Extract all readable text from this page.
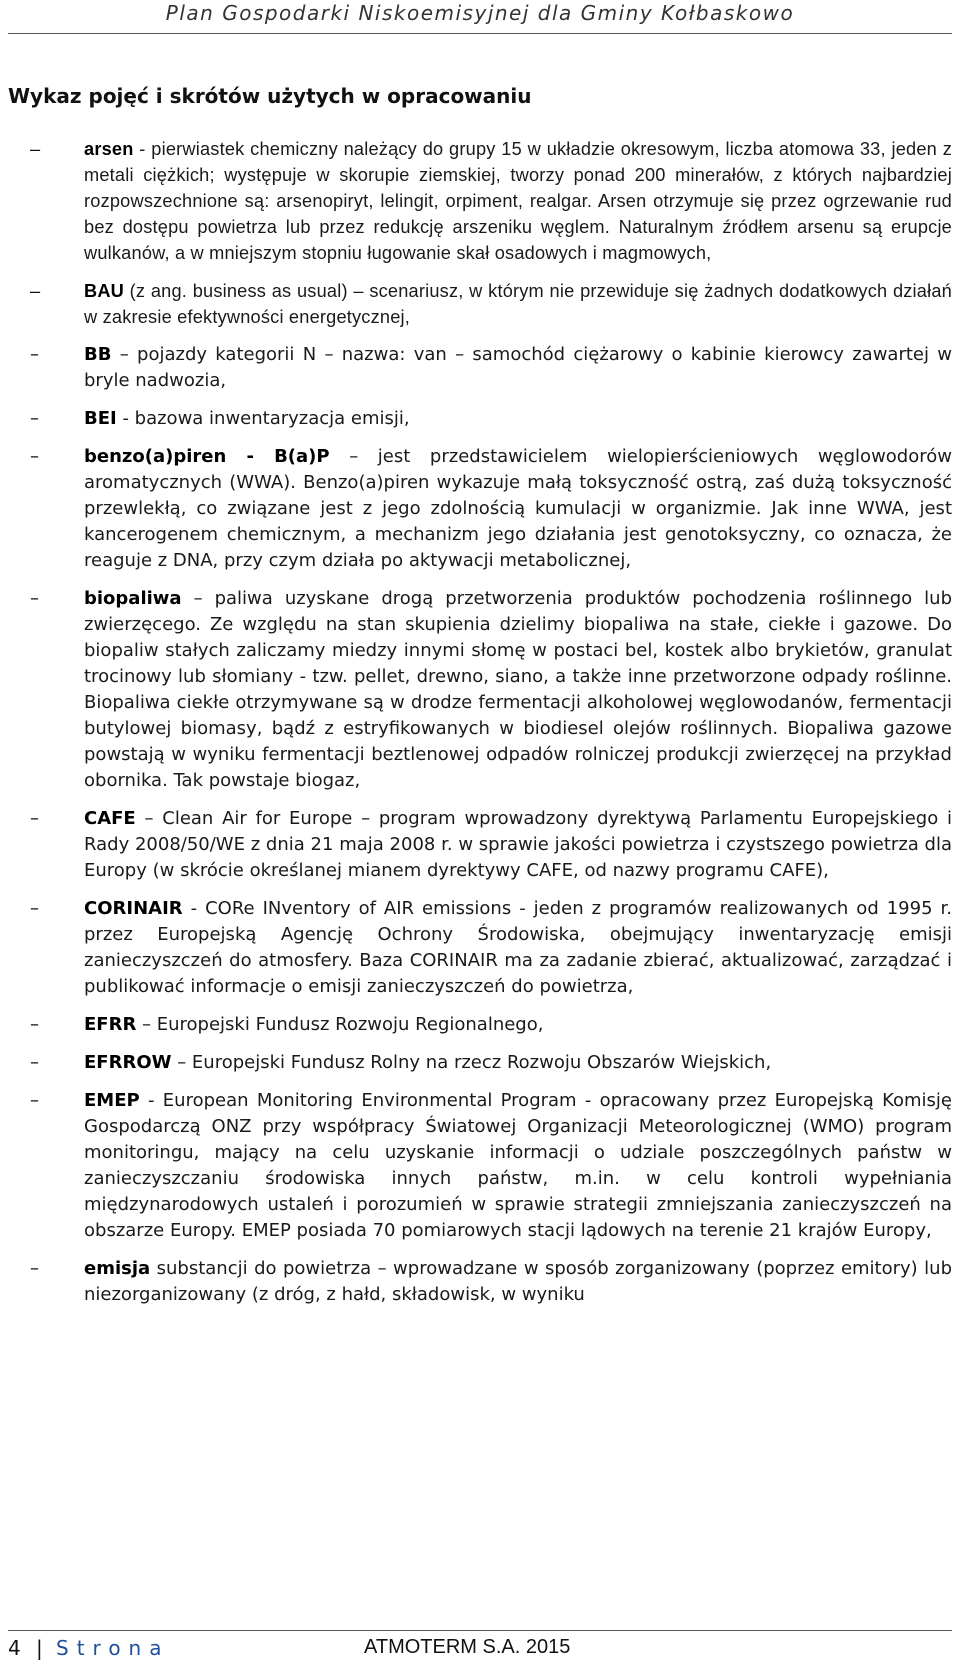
Plan Gospodarki Niskoemisyjnej dla Gminy Kołbaskowo
Wykaz pojęć i skrótów użytych w opracowaniu
– arsen - pierwiastek chemiczny należący do grupy 15 w układzie okresowym, liczba atomowa 33, jeden z metali ciężkich; występuje w skorupie ziemskiej, tworzy ponad 200 minerałów, z których najbardziej rozpowszechnione są: arsenopiryt, lelingit, orpiment, realgar. Arsen otrzymuje się przez ogrzewanie rud bez dostępu powietrza lub przez redukcję arszeniku węglem. Naturalnym źródłem arsenu są erupcje wulkanów, a w mniejszym stopniu ługowanie skał osadowych i magmowych,
– BAU (z ang. business as usual) – scenariusz, w którym nie przewiduje się żadnych dodatkowych działań w zakresie efektywności energetycznej,
–	BB – pojazdy kategorii N – nazwa: van – samochód ciężarowy o kabinie kierowcy zawartej w bryle nadwozia,
–	BEI - bazowa inwentaryzacja emisji,
–	benzo(a)piren - B(a)P – jest przedstawicielem wielopierścieniowych węglowodorów aromatycznych (WWA). Benzo(a)piren wykazuje małą toksyczność ostrą, zaś dużą toksyczność przewlekłą, co związane jest z jego zdolnością kumulacji w organizmie. Jak inne WWA, jest kancerogenem chemicznym, a mechanizm jego działania jest genotoksyczny, co oznacza, że reaguje z DNA, przy czym działa po aktywacji metabolicznej,
–	biopaliwa – paliwa uzyskane drogą przetworzenia produktów pochodzenia roślinnego lub zwierzęcego. Ze względu na stan skupienia dzielimy biopaliwa na stałe, ciekłe i gazowe. Do biopaliw stałych zaliczamy miedzy innymi słomę w postaci bel, kostek albo brykietów, granulat trocinowy lub słomiany - tzw. pellet, drewno, siano, a także inne przetworzone odpady roślinne. Biopaliwa ciekłe otrzymywane są w drodze fermentacji alkoholowej węglowodanów, fermentacji butylowej biomasy, bądź z estryfikowanych w biodiesel olejów roślinnych. Biopaliwa gazowe powstają w wyniku fermentacji beztlenowej odpadów rolniczej produkcji zwierzęcej na przykład obornika. Tak powstaje biogaz,
–	CAFE – Clean Air for Europe – program wprowadzony dyrektywą Parlamentu Europejskiego i Rady 2008/50/WE z dnia 21 maja 2008 r. w sprawie jakości powietrza i czystszego powietrza dla Europy (w skrócie określanej mianem dyrektywy CAFE, od nazwy programu CAFE),
–	CORINAIR - CORe INventory of AIR emissions - jeden z programów realizowanych od 1995 r. przez Europejską Agencję Ochrony Środowiska, obejmujący inwentaryzację emisji zanieczyszczeń do atmosfery. Baza CORINAIR ma za zadanie zbierać, aktualizować, zarządzać i publikować informacje o emisji zanieczyszczeń do powietrza,
–	EFRR – Europejski Fundusz Rozwoju Regionalnego,
–	EFRROW – Europejski Fundusz Rolny na rzecz Rozwoju Obszarów Wiejskich,
–	EMEP - European Monitoring Environmental Program - opracowany przez Europejską Komisję Gospodarczą ONZ przy współpracy Światowej Organizacji Meteorologicznej (WMO) program monitoringu, mający na celu uzyskanie informacji o udziale poszczególnych państw w zanieczyszczaniu środowiska innych państw, m.in. w celu kontroli wypełniania międzynarodowych ustaleń i porozumień w sprawie strategii zmniejszania zanieczyszczeń na obszarze Europy. EMEP posiada 70 pomiarowych stacji lądowych na terenie 21 krajów Europy,
–	emisja substancji do powietrza – wprowadzane w sposób zorganizowany (poprzez emitory) lub niezorganizowany (z dróg, z hałd, składowisk, w wyniku
4 | Strona	ATMOTERM S.A. 2015
